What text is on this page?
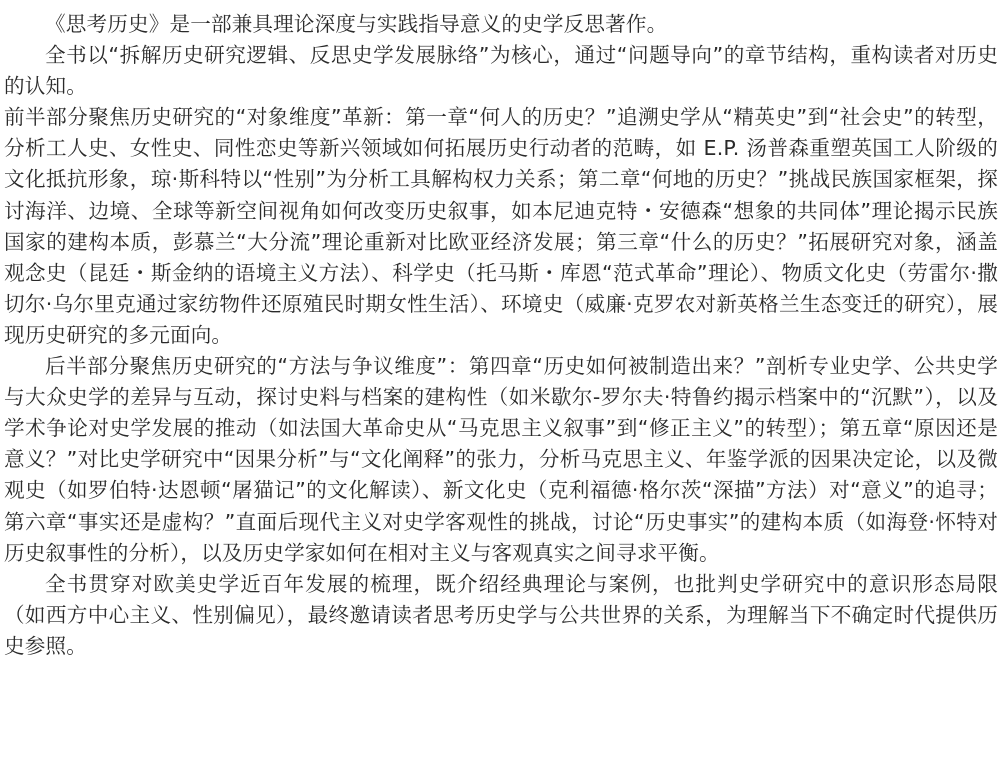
《思考历史》是一部兼具理论深度与实践指导意义的史学反思著作。

全书以“拆解历史研究逻辑、反思史学发展脉络”为核心，通过“问题导向”的章节结构，重构读者对历史的认知。

前半部分聚焦历史研究的“对象维度”革新：第一章“何人的历史？”追溯史学从“精英史”到“社会史”的转型，分析工人史、女性史、同性恋史等新兴领域如何拓展历史行动者的范畴，如 E.P. 汤普森重塑英国工人阶级的文化抵抗形象，琼·斯科特以“性别”为分析工具解构权力关系；第二章“何地的历史？”挑战民族国家框架，探讨海洋、边境、全球等新空间视角如何改变历史叙事，如本尼迪克特・安德森“想象的共同体”理论揭示民族国家的建构本质，彭慕兰“大分流”理论重新对比欧亚经济发展；第三章“什么的历史？”拓展研究对象，涵盖观念史（昆廷・斯金纳的语境主义方法）、科学史（托马斯・库恩“范式革命”理论）、物质文化史（劳雷尔·撒切尔·乌尔里克通过家纺物件还原殖民时期女性生活）、环境史（威廉·克罗农对新英格兰生态变迁的研究），展现历史研究的多元面向。

后半部分聚焦历史研究的“方法与争议维度”：第四章“历史如何被制造出来？”剖析专业史学、公共史学与大众史学的差异与互动，探讨史料与档案的建构性（如米歇尔-罗尔夫·特鲁约揭示档案中的“沉默”），以及学术争论对史学发展的推动（如法国大革命史从“马克思主义叙事”到“修正主义”的转型）；第五章“原因还是意义？”对比史学研究中“因果分析”与“文化阐释”的张力，分析马克思主义、年鉴学派的因果决定论，以及微观史（如罗伯特·达恩顿“屠猫记”的文化解读）、新文化史（克利福德·格尔茨“深描”方法）对“意义”的追寻；第六章“事实还是虚构？”直面后现代主义对史学客观性的挑战，讨论“历史事实”的建构本质（如海登·怀特对历史叙事性的分析），以及历史学家如何在相对主义与客观真实之间寻求平衡。

全书贯穿对欧美史学近百年发展的梳理，既介绍经典理论与案例，也批判史学研究中的意识形态局限（如西方中心主义、性别偏见），最终邀请读者思考历史学与公共世界的关系，为理解当下不确定时代提供历史参照。
